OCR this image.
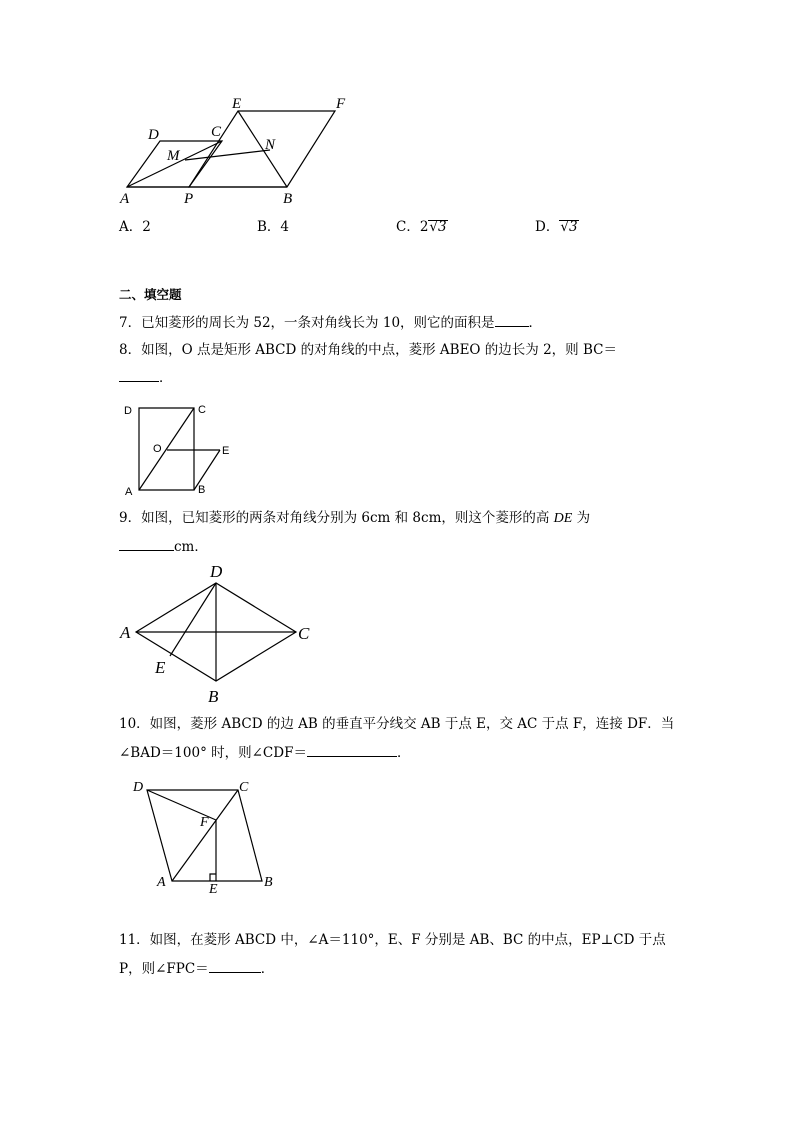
E	F
D	C
M
N
A	P	B
A．2	B．4	C．2√3	D．√3
二、填空题
7．已知菱形的周长为 52，一条对角线长为 10，则它的面积是	．
8．如图，O 点是矩形 ABCD 的对角线的中点，菱形 ABEO 的边长为 2，则 BC＝
．
D	C
O	E
A	B
9．如图，已知菱形的两条对角线分别为 6cm 和 8cm，则这个菱形的高 DE 为
cm．
D
A	C
E
B
10．如图，菱形 ABCD 的边 AB 的垂直平分线交 AB 于点 E，交 AC 于点 F，连接 DF．当
∠BAD＝100° 时，则∠CDF＝	．
D	C
F
A	E	B
11．如图，在菱形 ABCD 中，∠A＝110°，E、F 分别是 AB、BC 的中点，EP⊥CD 于点
P，则∠FPC＝	．
